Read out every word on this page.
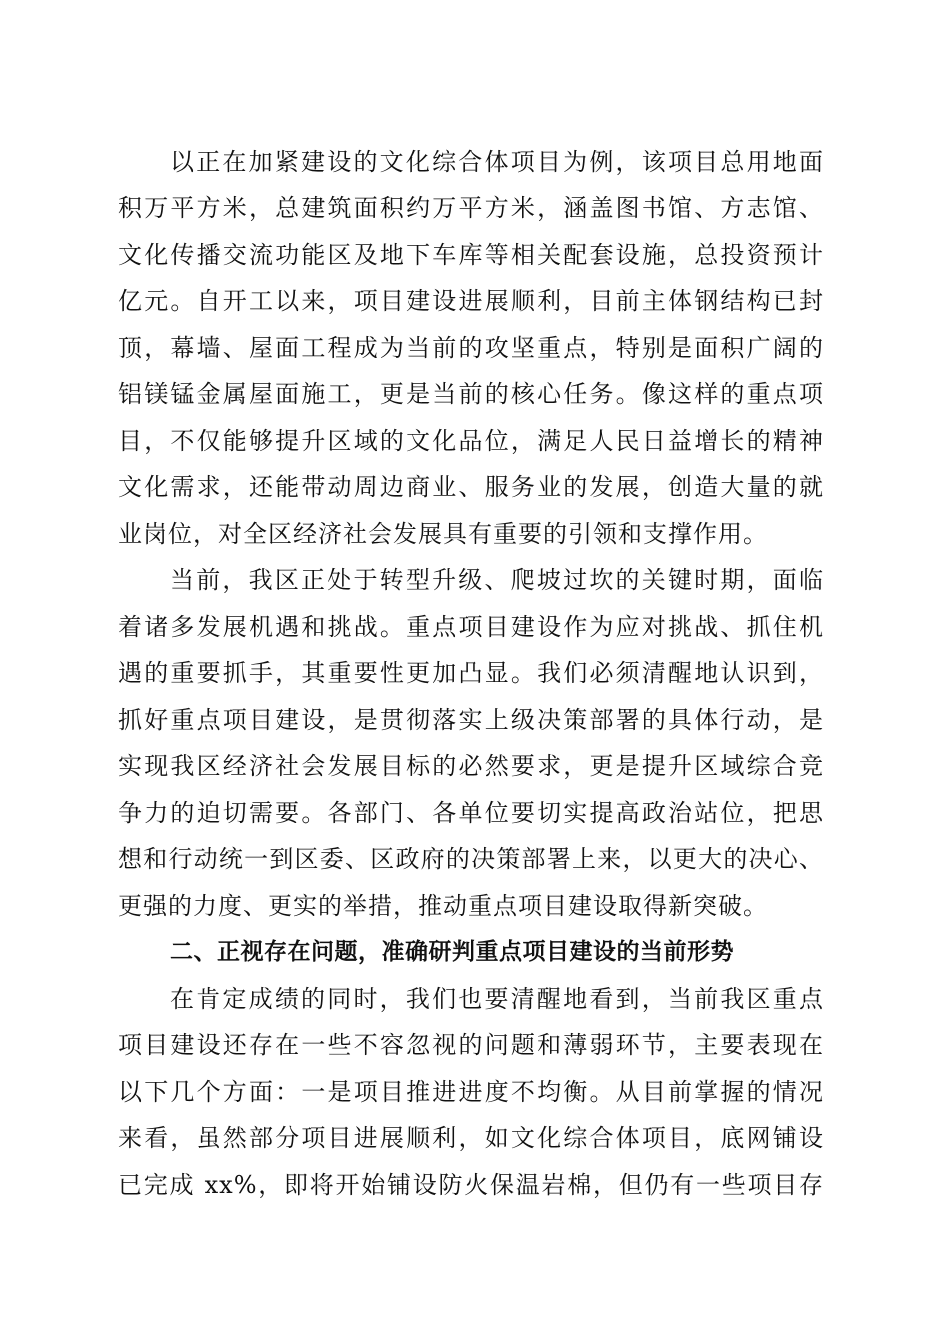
以正在加紧建设的文化综合体项目为例，该项目总用地面
积万平方米，总建筑面积约万平方米，涵盖图书馆、方志馆、
文化传播交流功能区及地下车库等相关配套设施，总投资预计
亿元。自开工以来，项目建设进展顺利，目前主体钢结构已封
顶，幕墙、屋面工程成为当前的攻坚重点，特别是面积广阔的
铝镁锰金属屋面施工，更是当前的核心任务。像这样的重点项
目，不仅能够提升区域的文化品位，满足人民日益增长的精神
文化需求，还能带动周边商业、服务业的发展，创造大量的就
业岗位，对全区经济社会发展具有重要的引领和支撑作用。
当前，我区正处于转型升级、爬坡过坎的关键时期，面临
着诸多发展机遇和挑战。重点项目建设作为应对挑战、抓住机
遇的重要抓手，其重要性更加凸显。我们必须清醒地认识到，
抓好重点项目建设，是贯彻落实上级决策部署的具体行动，是
实现我区经济社会发展目标的必然要求，更是提升区域综合竞
争力的迫切需要。各部门、各单位要切实提高政治站位，把思
想和行动统一到区委、区政府的决策部署上来，以更大的决心、
更强的力度、更实的举措，推动重点项目建设取得新突破。
二、正视存在问题，准确研判重点项目建设的当前形势
在肯定成绩的同时，我们也要清醒地看到，当前我区重点
项目建设还存在一些不容忽视的问题和薄弱环节，主要表现在
以下几个方面：一是项目推进进度不均衡。从目前掌握的情况
来看，虽然部分项目进展顺利，如文化综合体项目，底网铺设
已完成 xx%，即将开始铺设防火保温岩棉，但仍有一些项目存
